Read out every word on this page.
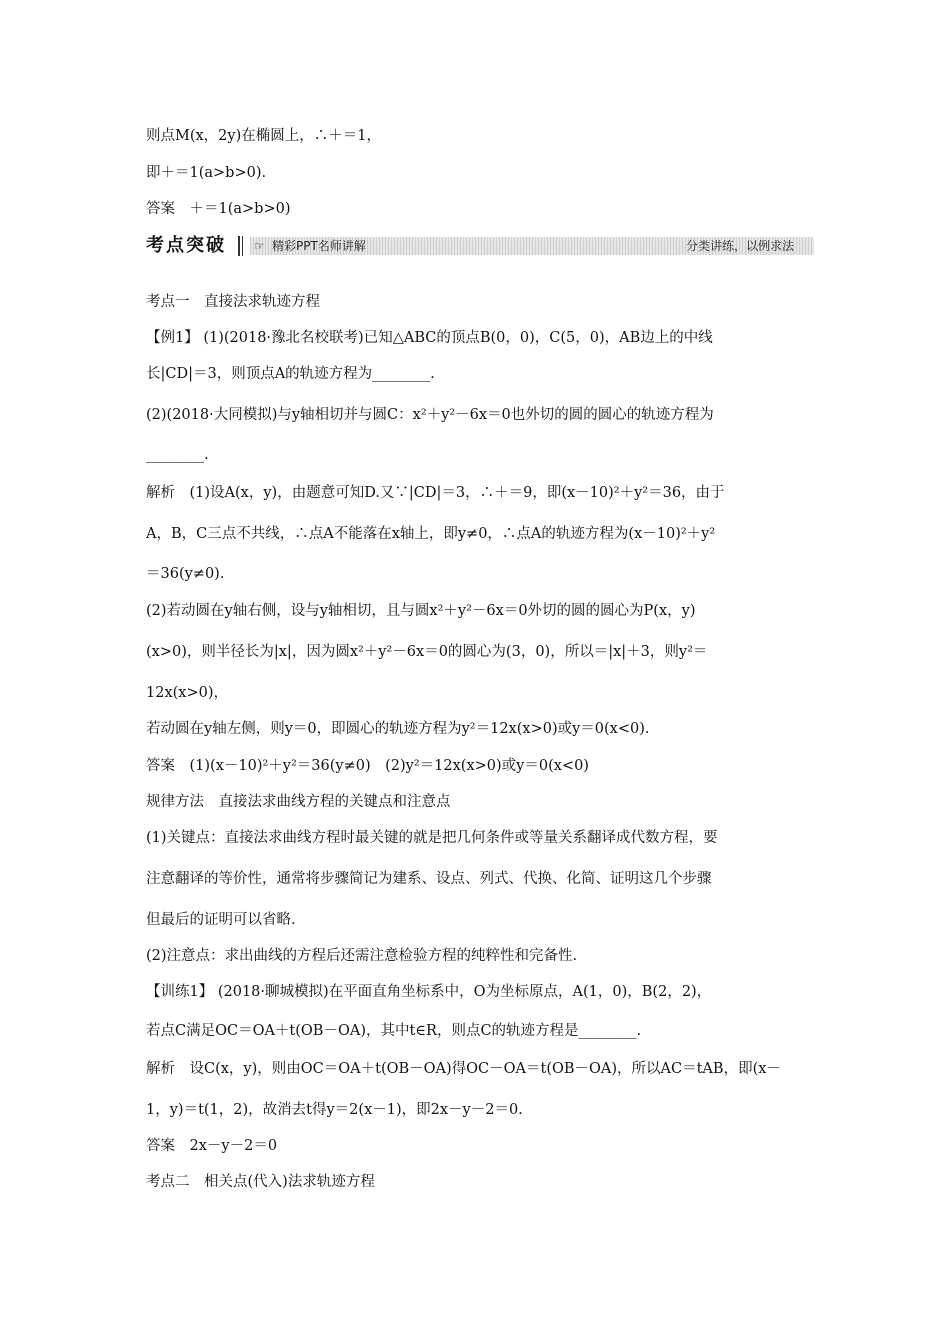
则点M(x，2y)在椭圆上，∴＋＝1，
即＋＝1(a>b>0).
答案　＋＝1(a>b>0)
考点突破	☞ 精彩PPT名师讲解	分类讲练，以例求法
考点一　直接法求轨迹方程
【例1】 (1)(2018·豫北名校联考)已知△ABC的顶点B(0，0)，C(5，0)，AB边上的中线
长|CD|＝3，则顶点A的轨迹方程为________.
(2)(2018·大同模拟)与y轴相切并与圆C：x²＋y²－6x＝0也外切的圆的圆心的轨迹方程为
________.
解析　(1)设A(x，y)，由题意可知D.又∵|CD|＝3，∴＋＝9，即(x－10)²＋y²＝36，由于
A，B，C三点不共线，∴点A不能落在x轴上，即y≠0，∴点A的轨迹方程为(x－10)²＋y²
＝36(y≠0).
(2)若动圆在y轴右侧，设与y轴相切，且与圆x²＋y²－6x＝0外切的圆的圆心为P(x，y)
(x>0)，则半径长为|x|，因为圆x²＋y²－6x＝0的圆心为(3，0)，所以＝|x|＋3，则y²＝
12x(x>0)，
若动圆在y轴左侧，则y＝0，即圆心的轨迹方程为y²＝12x(x>0)或y＝0(x<0).
答案　(1)(x－10)²＋y²＝36(y≠0)　(2)y²＝12x(x>0)或y＝0(x<0)
规律方法　直接法求曲线方程的关键点和注意点
(1)关键点：直接法求曲线方程时最关键的就是把几何条件或等量关系翻译成代数方程，要
注意翻译的等价性，通常将步骤简记为建系、设点、列式、代换、化简、证明这几个步骤
但最后的证明可以省略.
(2)注意点：求出曲线的方程后还需注意检验方程的纯粹性和完备性.
【训练1】 (2018·聊城模拟)在平面直角坐标系中，O为坐标原点，A(1，0)，B(2，2)，
若点C满足OC＝OA＋t(OB－OA)，其中t∈R，则点C的轨迹方程是________.
解析　设C(x，y)，则由OC＝OA＋t(OB－OA)得OC－OA＝t(OB－OA)，所以AC＝tAB，即(x－
1，y)＝t(1，2)，故消去t得y＝2(x－1)，即2x－y－2＝0.
答案　2x－y－2＝0
考点二　相关点(代入)法求轨迹方程
